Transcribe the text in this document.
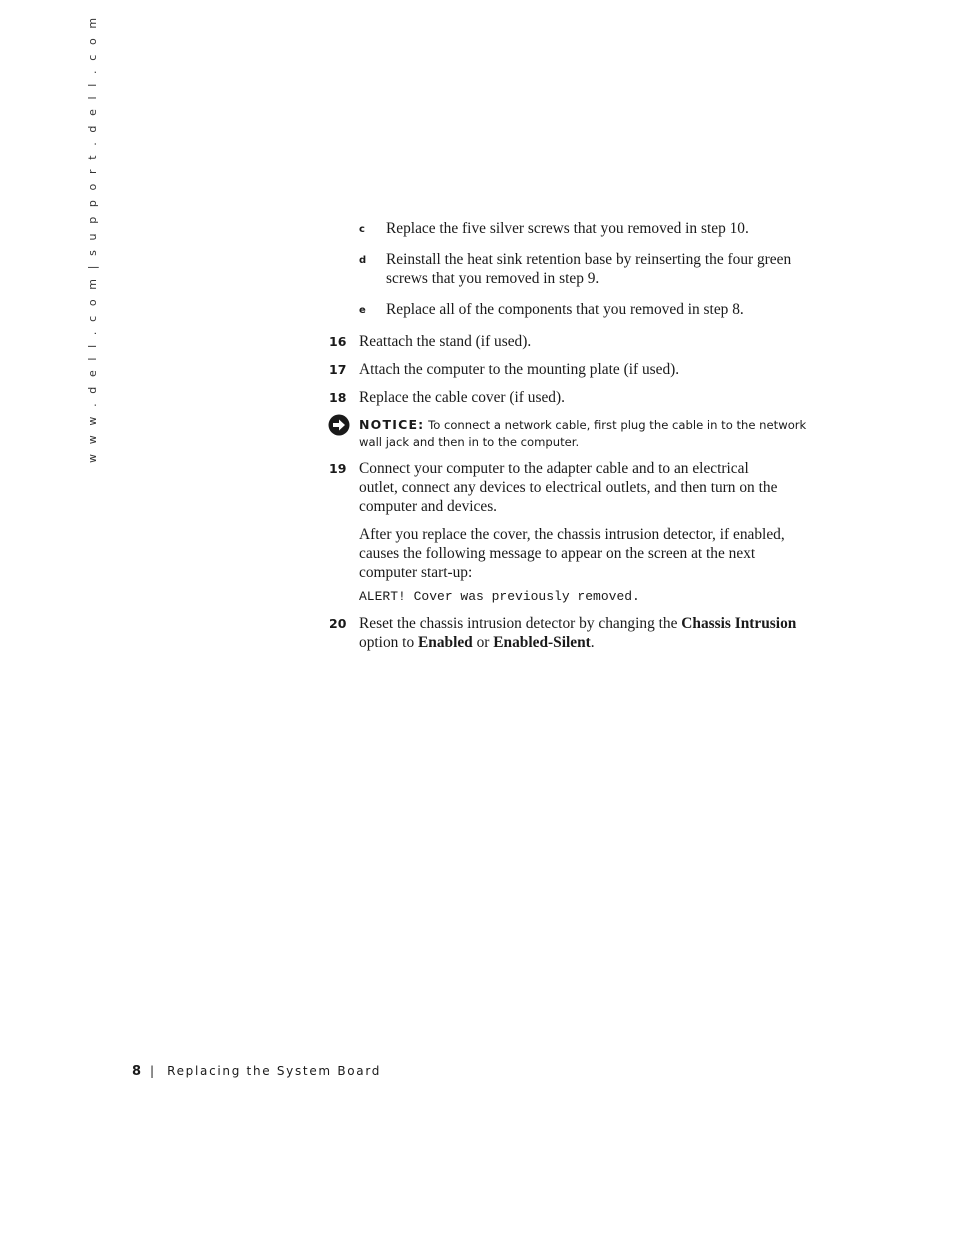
w w w . d e l l . c o m | s u p p o r t . d e l l . c o m	c Replace the five silver screws that you removed in step 10.
d Reinstall the heat sink retention base by reinserting the four green
screws that you removed in step 9.
e Replace all of the components that you removed in step 8.
16 Reattach the stand (if used).
17 Attach the computer to the mounting plate (if used).
18 Replace the cable cover (if used).
NOTICE: To connect a network cable, first plug the cable in to the network
wall jack and then in to the computer.
19 Connect your computer to the adapter cable and to an electrical
outlet, connect any devices to electrical outlets, and then turn on the
computer and devices.
After you replace the cover, the chassis intrusion detector, if enabled,
causes the following message to appear on the screen at the next
computer start-up:
ALERT! Cover was previously removed.
20 Reset the chassis intrusion detector by changing the Chassis Intrusion
option to Enabled or Enabled-Silent.
8 | Replacing the System Board
